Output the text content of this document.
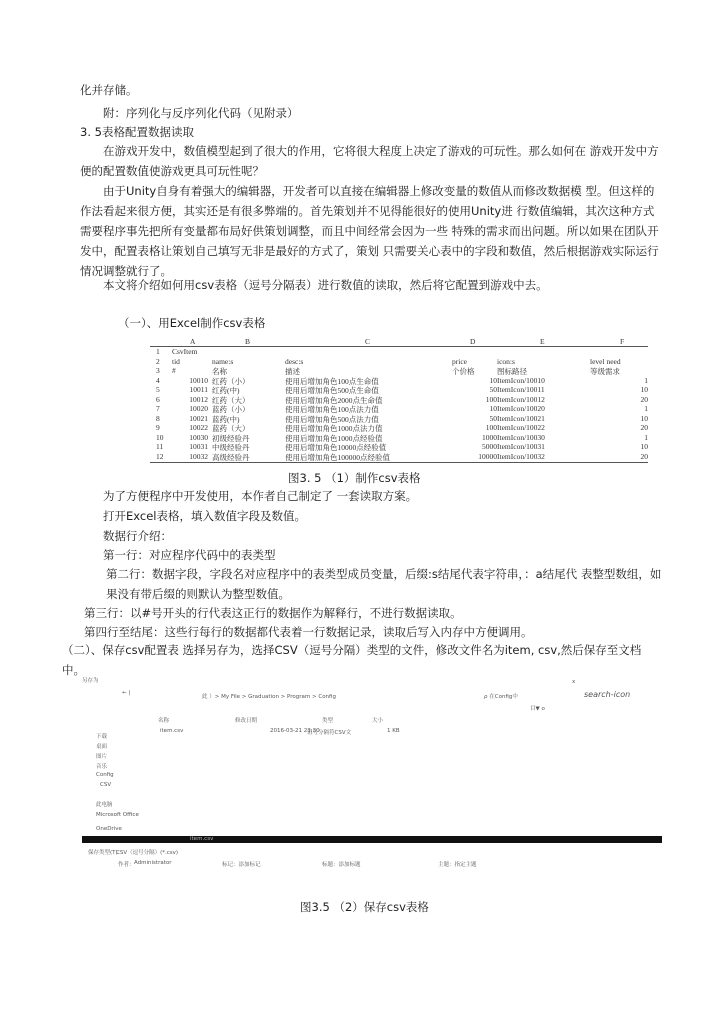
化并存储。
附：序列化与反序列化代码（见附录）
3. 5表格配置数据读取
在游戏开发中，数值模型起到了很大的作用，它将很大程度上决定了游戏的可玩性。那么如何在 游戏开发中方便的配置数值使游戏更具可玩性呢？
由于Unity自身有着强大的编辑器，开发者可以直接在编辑器上修改变量的数值从而修改数据模 型。但这样的作法看起来很方便，其实还是有很多弊端的。首先策划并不见得能很好的使用Unity进 行数值编辑，其次这种方式需要程序事先把所有变量都布局好供策划调整，而且中间经常会因为一些 特殊的需求而出问题。所以如果在团队开发中，配置表格让策划自己填写无非是最好的方式了，策划 只需要关心表中的字段和数值，然后根据游戏实际运行情况调整就行了。
本文将介绍如何用csv表格（逗号分隔表）进行数值的读取，然后将它配置到游戏中去。
（一）、用Excel制作csv表格
A	B	C	D	E	F
1 CsvItem
2 tid	name:s	desc:s	price	icon:s	level need
3 #	名称	描述	个价格	图标路径	等级需求
4	10010 红药（小）	使用后增加角色100点生命值	10 ItemIcon/10010	1
5	10011 红药(中)	使用后增加角色500点生命值	50 ItemIcon/10011	10
6	10012 红药（大）	使用后增加角色2000点生命值	100 ItemIcon/10012	20
7	10020 蓝药（小）	使用后增加角色100点法力值	10 ItemIcon/10020	1
8	10021 蓝药(中)	使用后增加角色500点法力值	50 ItemIcon/10021	10
9	10022 蓝药（大）	使用后增加角色1000点法力值	100 ItemIcon/10022	20
10	10030 初级经验丹	使用后增加角色1000点经验值	1000 ItemIcon/10030	1
11	10031 中级经验丹	使用后增加角色10000点经验值	5000 ItemIcon/10031	10
12	10032 高级经验丹	使用后增加角色100000点经验值	10000 ItemIcon/10032	20
图3. 5 （1）制作csv表格
为了方便程序中开发使用，本作者自己制定了 一套读取方案。
打开Excel表格，填入数值字段及数值。
数据行介绍：
第一行：对应程序代码中的表类型
第二行：数据字段，字段名对应程序中的表类型成员变量，后缀:s结尾代表字符串，：a结尾代 表整型数组，如果没有带后缀的则默认为整型数值。
第三行：以#号开头的行代表这正行的数据作为解释行，不进行数据读取。
第四行至结尾：这些行每行的数据都代表着一行数据记录，读取后写入内存中方便调用。
（二）、保存csv配置表 选择另存为，选择CSV（逗号分隔）类型的文件，修改文件名为item, csv,然后保存至文档中。
另存为	x
← |
此 ）> My File > Graduation > Program > Config	ρ 在Config中	search-icon
目▼ o
名称	修改日期	类型	大小
item.csv	2016-03-21 23:30
诅号分隔符CSV文	1 KB
下载
桌面
图片
音乐
Config
CSV
此电脑
Microsoft Office
OneDrive
item.csv
保存类型(T)：
CSV（逗号分隔）(*.csv)
作者： Administrator	标记：添加标记	标题：添加标题	主题：指定主题
图3.5 （2）保存csv表格
